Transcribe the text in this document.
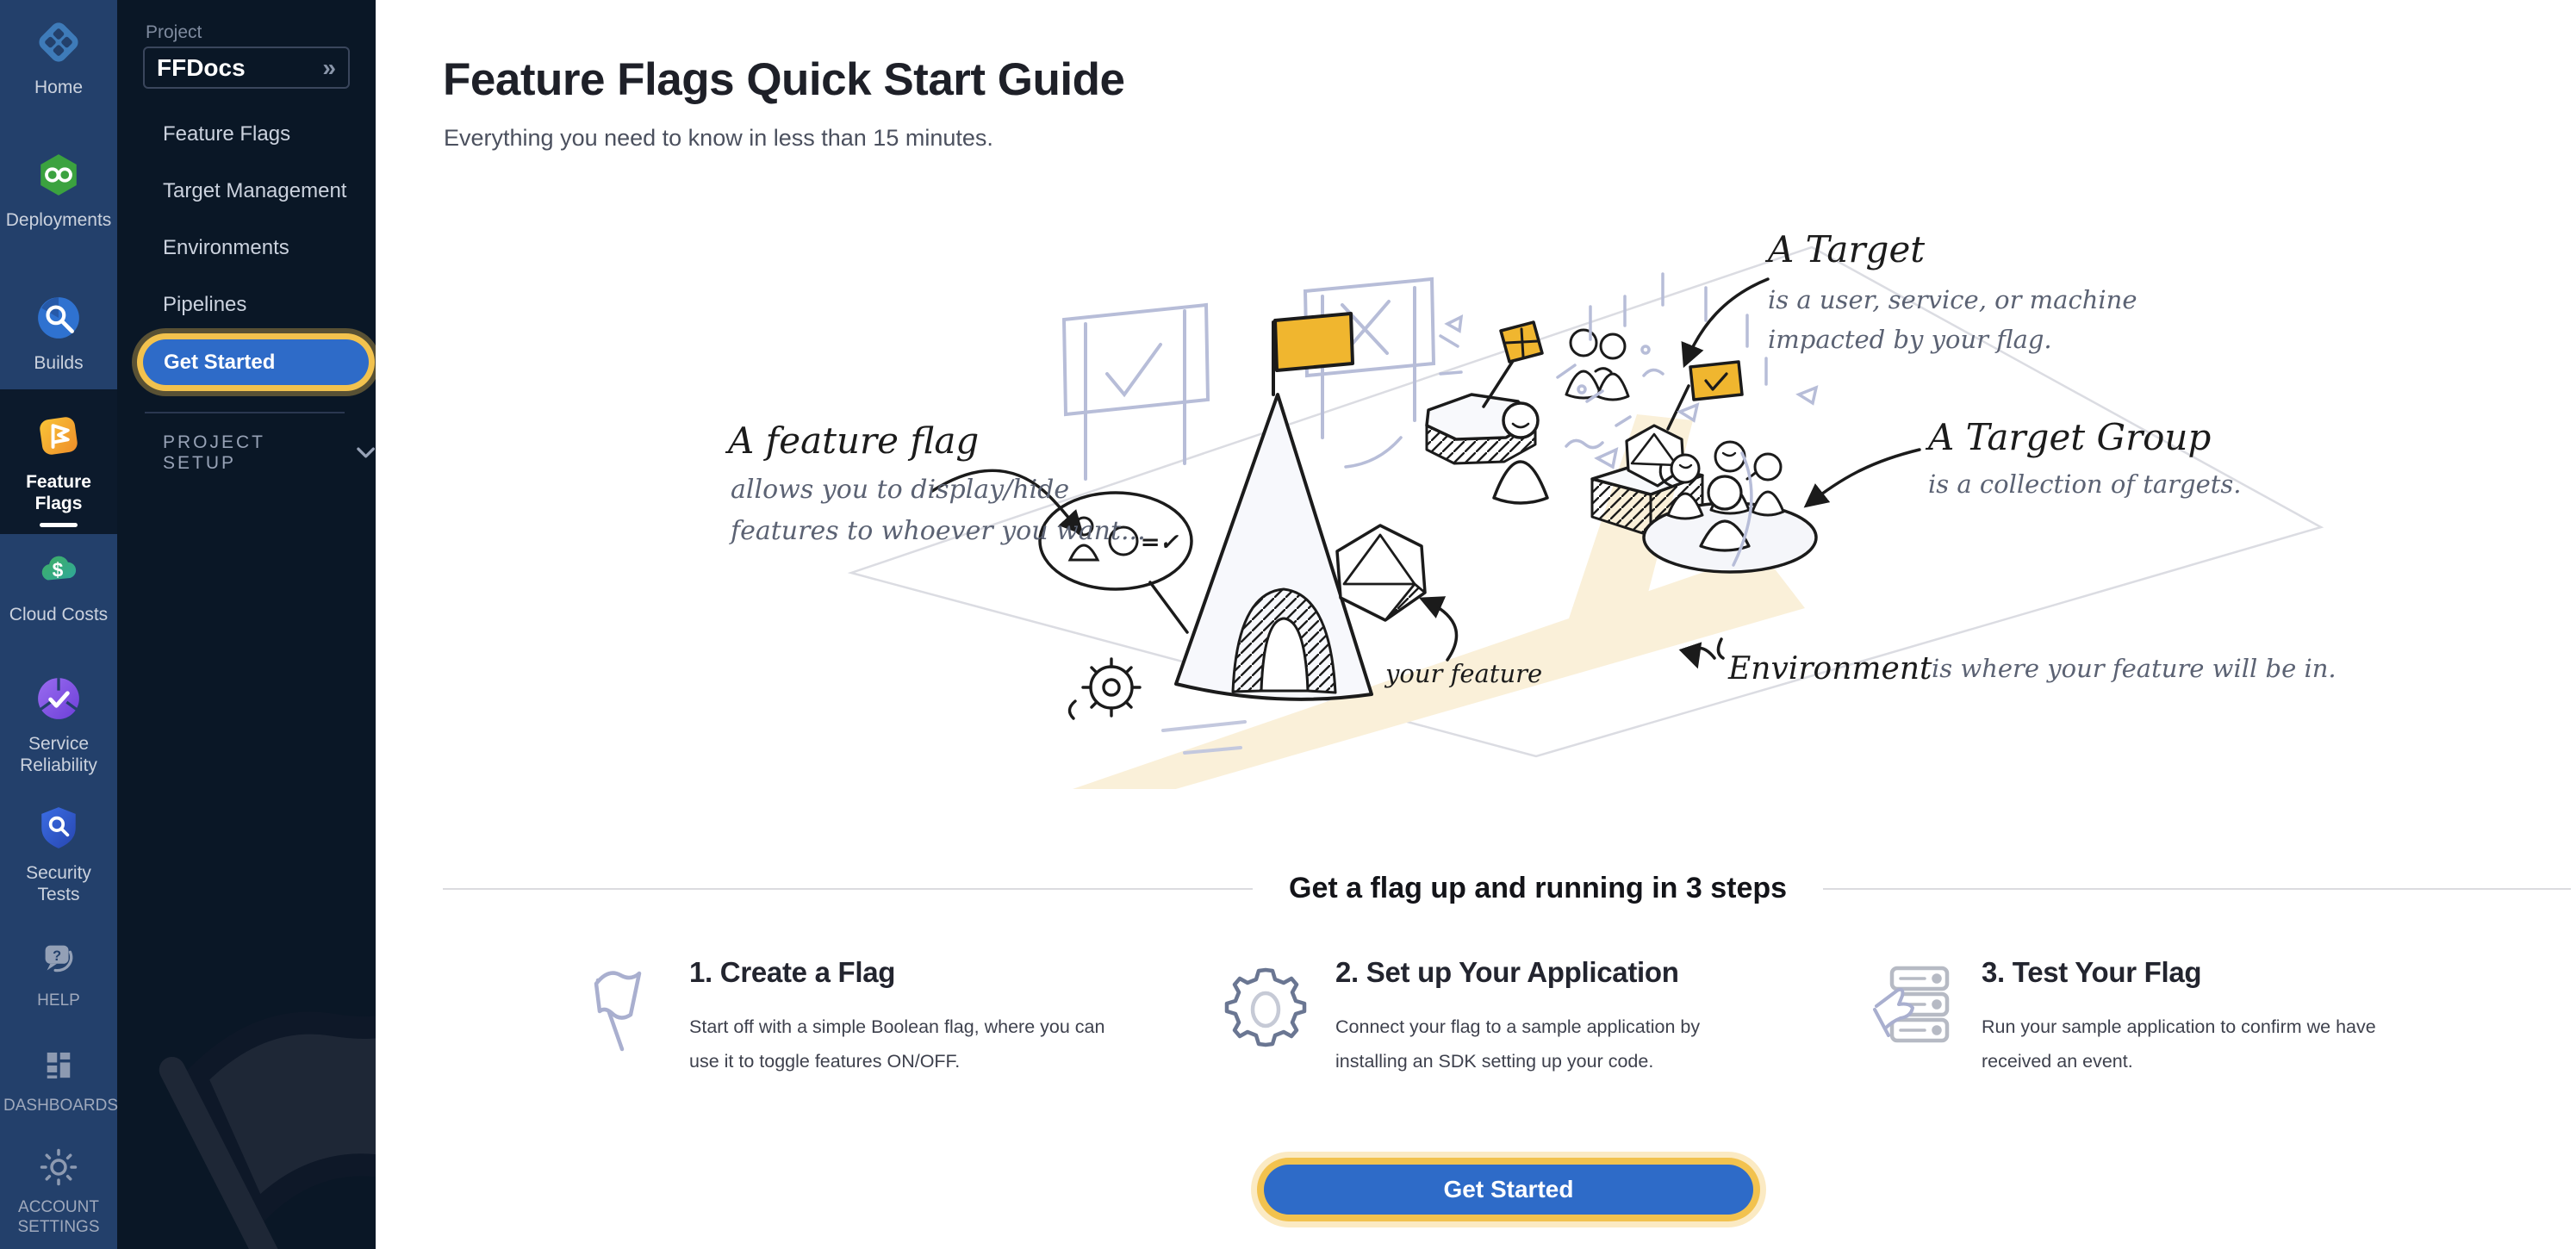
Home
Deployments
Builds
Feature Flags
$
Cloud Costs
Service Reliability
Security Tests
?
HELP
DASHBOARDS
ACCOUNT SETTINGS
Project
FFDocs	»
Feature Flags
Target Management
Environments
Pipelines
Get Started
PROJECT SETUP
Feature Flags Quick Start Guide
Everything you need to know in less than 15 minutes.
=✓
A feature flag
allows you to display/hide
features to whoever you want...
A Target
is a user, service, or machine
impacted by your flag.
A Target Group
is a collection of targets.
Environment is where your feature will be in.
your feature
Get a flag up and running in 3 steps
1. Create a Flag

Start off with a simple Boolean flag, where you can use it to toggle features ON/OFF.

2. Set up Your Application

Connect your flag to a sample application by installing an SDK setting up your code.

3. Test Your Flag

Run your sample application to confirm we have received an event.

Get Started
